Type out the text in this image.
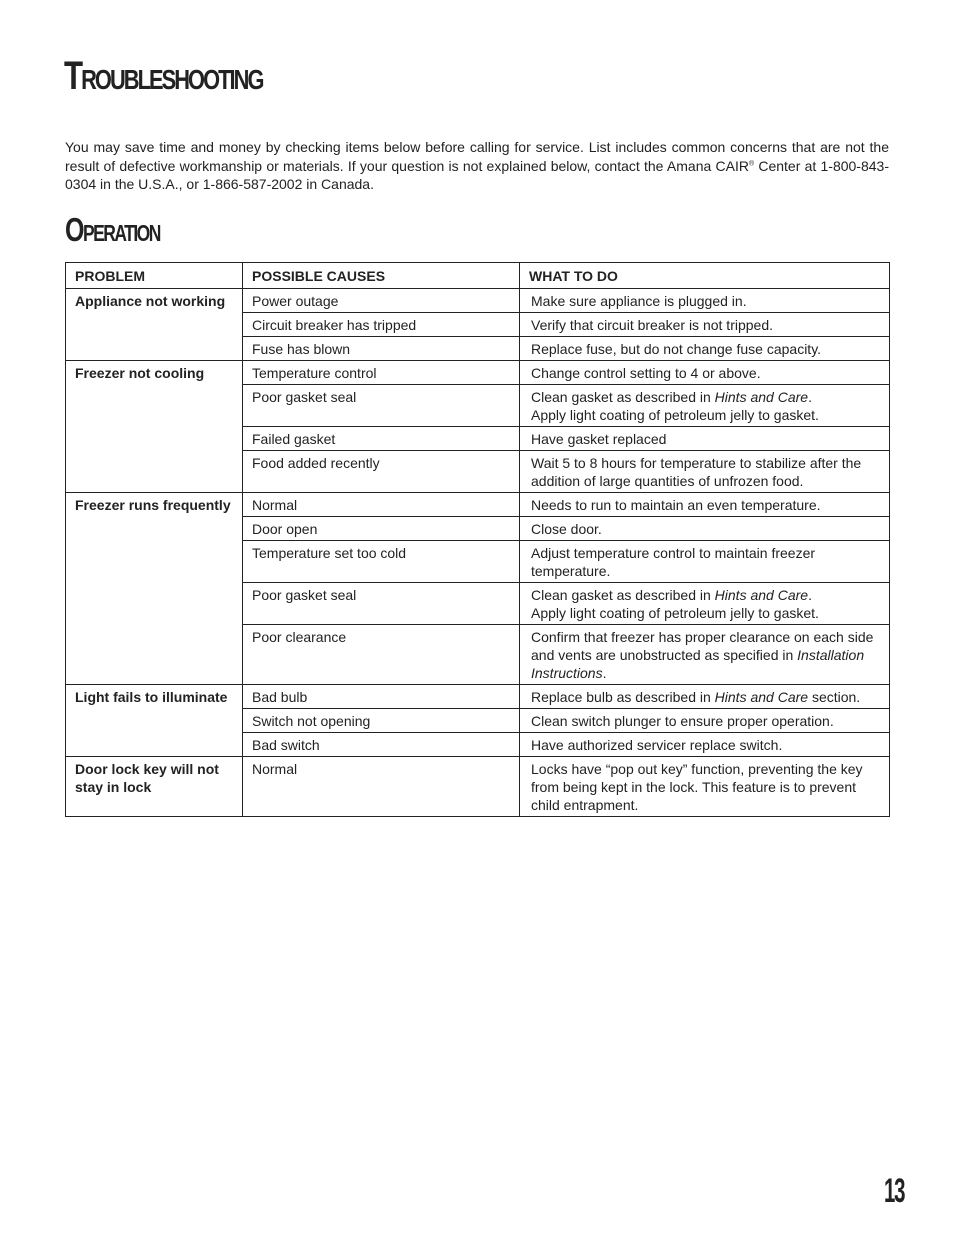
Troubleshooting

You may save time and money by checking items below before calling for service. List includes common concerns that are not the result of defective workmanship or materials. If your question is not explained below, contact the Amana CAIR® Center at 1-800-843-0304 in the U.S.A., or 1-866-587-2002 in Canada.

Operation
PROBLEM	POSSIBLE CAUSES	WHAT TO DO
Appliance not working	Power outage	Make sure appliance is plugged in.
	Circuit breaker has tripped	Verify that circuit breaker is not tripped.
	Fuse has blown	Replace fuse, but do not change fuse capacity.
Freezer not cooling	Temperature control	Change control setting to 4 or above.
	Poor gasket seal	Clean gasket as described in Hints and Care.
Apply light coating of petroleum jelly to gasket.
	Failed gasket	Have gasket replaced
	Food added recently	Wait 5 to 8 hours for temperature to stabilize after the addition of large quantities of unfrozen food.
Freezer runs frequently	Normal	Needs to run to maintain an even temperature.
	Door open	Close door.
	Temperature set too cold	Adjust temperature control to maintain freezer temperature.
	Poor gasket seal	Clean gasket as described in Hints and Care.
Apply light coating of petroleum jelly to gasket.
	Poor clearance	Confirm that freezer has proper clearance on each side and vents are unobstructed as specified in Installation Instructions.
Light fails to illuminate	Bad bulb	Replace bulb as described in Hints and Care section.
	Switch not opening	Clean switch plunger to ensure proper operation.
	Bad switch	Have authorized servicer replace switch.
Door lock key will not stay in lock	Normal	Locks have “pop out key” function, preventing the key from being kept in the lock. This feature is to prevent child entrapment.
13
